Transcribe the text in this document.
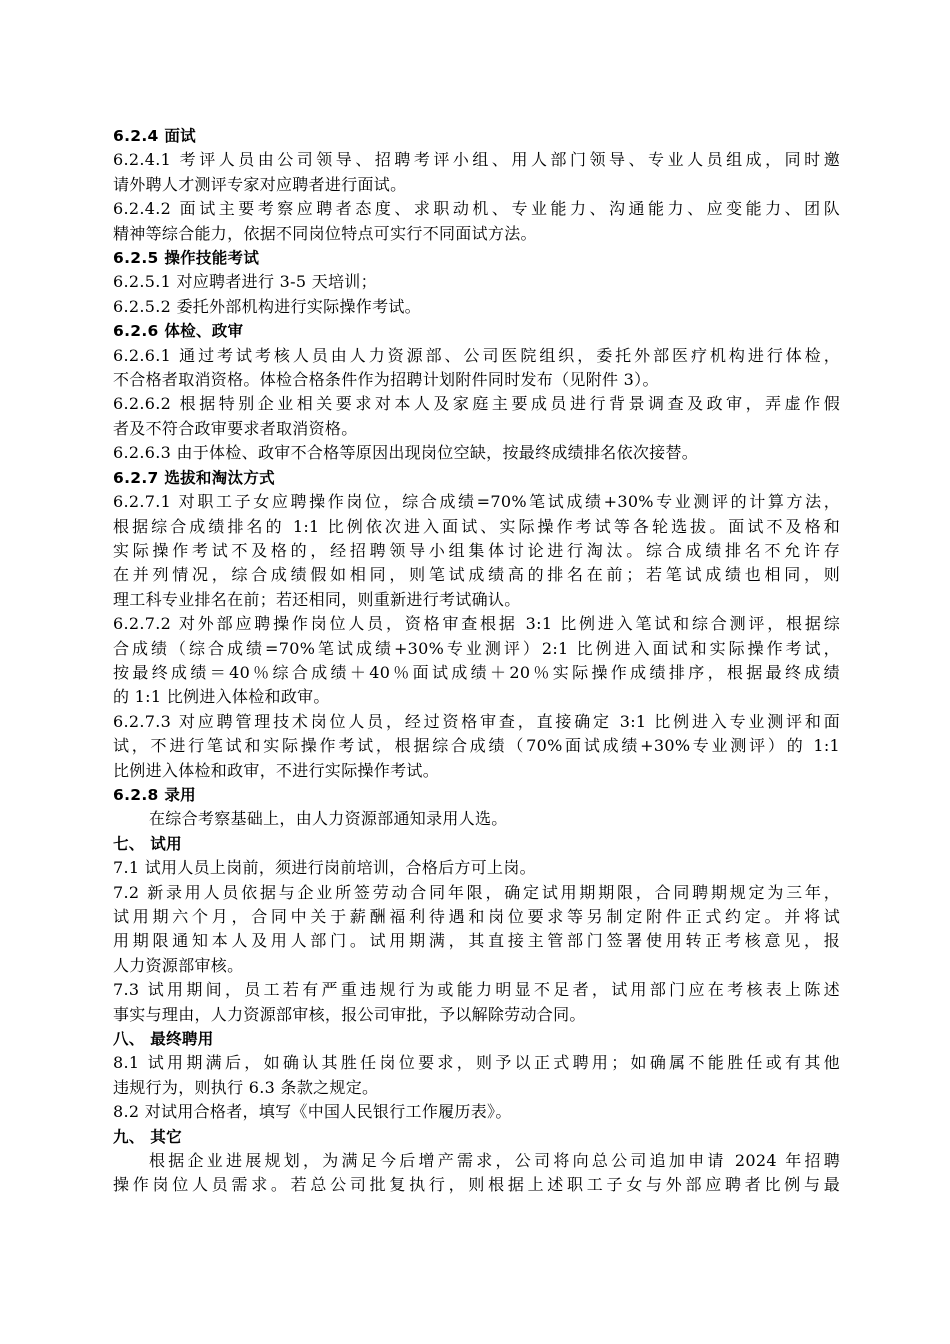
6.2.4 面试
6.2.4.1 考评人员由公司领导、招聘考评小组、用人部门领导、专业人员组成，同时邀
请外聘人才测评专家对应聘者进行面试。
6.2.4.2 面试主要考察应聘者态度、求职动机、专业能力、沟通能力、应变能力、团队
精神等综合能力，依据不同岗位特点可实行不同面试方法。
6.2.5 操作技能考试
6.2.5.1 对应聘者进行 3-5 天培训；
6.2.5.2 委托外部机构进行实际操作考试。
6.2.6 体检、政审
6.2.6.1 通过考试考核人员由人力资源部、公司医院组织，委托外部医疗机构进行体检，
不合格者取消资格。体检合格条件作为招聘计划附件同时发布（见附件 3）。
6.2.6.2 根据特别企业相关要求对本人及家庭主要成员进行背景调查及政审，弄虚作假
者及不符合政审要求者取消资格。
6.2.6.3 由于体检、政审不合格等原因出现岗位空缺，按最终成绩排名依次接替。
6.2.7 选拔和淘汰方式
6.2.7.1 对职工子女应聘操作岗位，综合成绩=70%笔试成绩+30%专业测评的计算方法，
根据综合成绩排名的 1:1 比例依次进入面试、实际操作考试等各轮选拔。面试不及格和
实际操作考试不及格的，经招聘领导小组集体讨论进行淘汰。综合成绩排名不允许存
在并列情况，综合成绩假如相同，则笔试成绩高的排名在前；若笔试成绩也相同，则
理工科专业排名在前；若还相同，则重新进行考试确认。
6.2.7.2 对外部应聘操作岗位人员，资格审查根据 3:1 比例进入笔试和综合测评，根据综
合成绩（综合成绩=70%笔试成绩+30%专业测评）2:1 比例进入面试和实际操作考试，
按最终成绩＝40％综合成绩＋40％面试成绩＋20％实际操作成绩排序，根据最终成绩
的 1:1 比例进入体检和政审。
6.2.7.3 对应聘管理技术岗位人员，经过资格审查，直接确定 3:1 比例进入专业测评和面
试，不进行笔试和实际操作考试，根据综合成绩（70%面试成绩+30%专业测评）的 1:1
比例进入体检和政审，不进行实际操作考试。
6.2.8 录用
在综合考察基础上，由人力资源部通知录用人选。
七、 试用
7.1 试用人员上岗前，须进行岗前培训，合格后方可上岗。
7.2 新录用人员依据与企业所签劳动合同年限，确定试用期期限，合同聘期规定为三年，
试用期六个月，合同中关于薪酬福利待遇和岗位要求等另制定附件正式约定。并将试
用期限通知本人及用人部门。试用期满，其直接主管部门签署使用转正考核意见，报
人力资源部审核。
7.3 试用期间，员工若有严重违规行为或能力明显不足者，试用部门应在考核表上陈述
事实与理由，人力资源部审核，报公司审批，予以解除劳动合同。
八、 最终聘用
8.1 试用期满后，如确认其胜任岗位要求，则予以正式聘用；如确属不能胜任或有其他
违规行为，则执行 6.3 条款之规定。
8.2 对试用合格者，填写《中国人民银行工作履历表》。
九、 其它
根据企业进展规划，为满足今后增产需求，公司将向总公司追加申请 2024 年招聘
操作岗位人员需求。若总公司批复执行，则根据上述职工子女与外部应聘者比例与最
